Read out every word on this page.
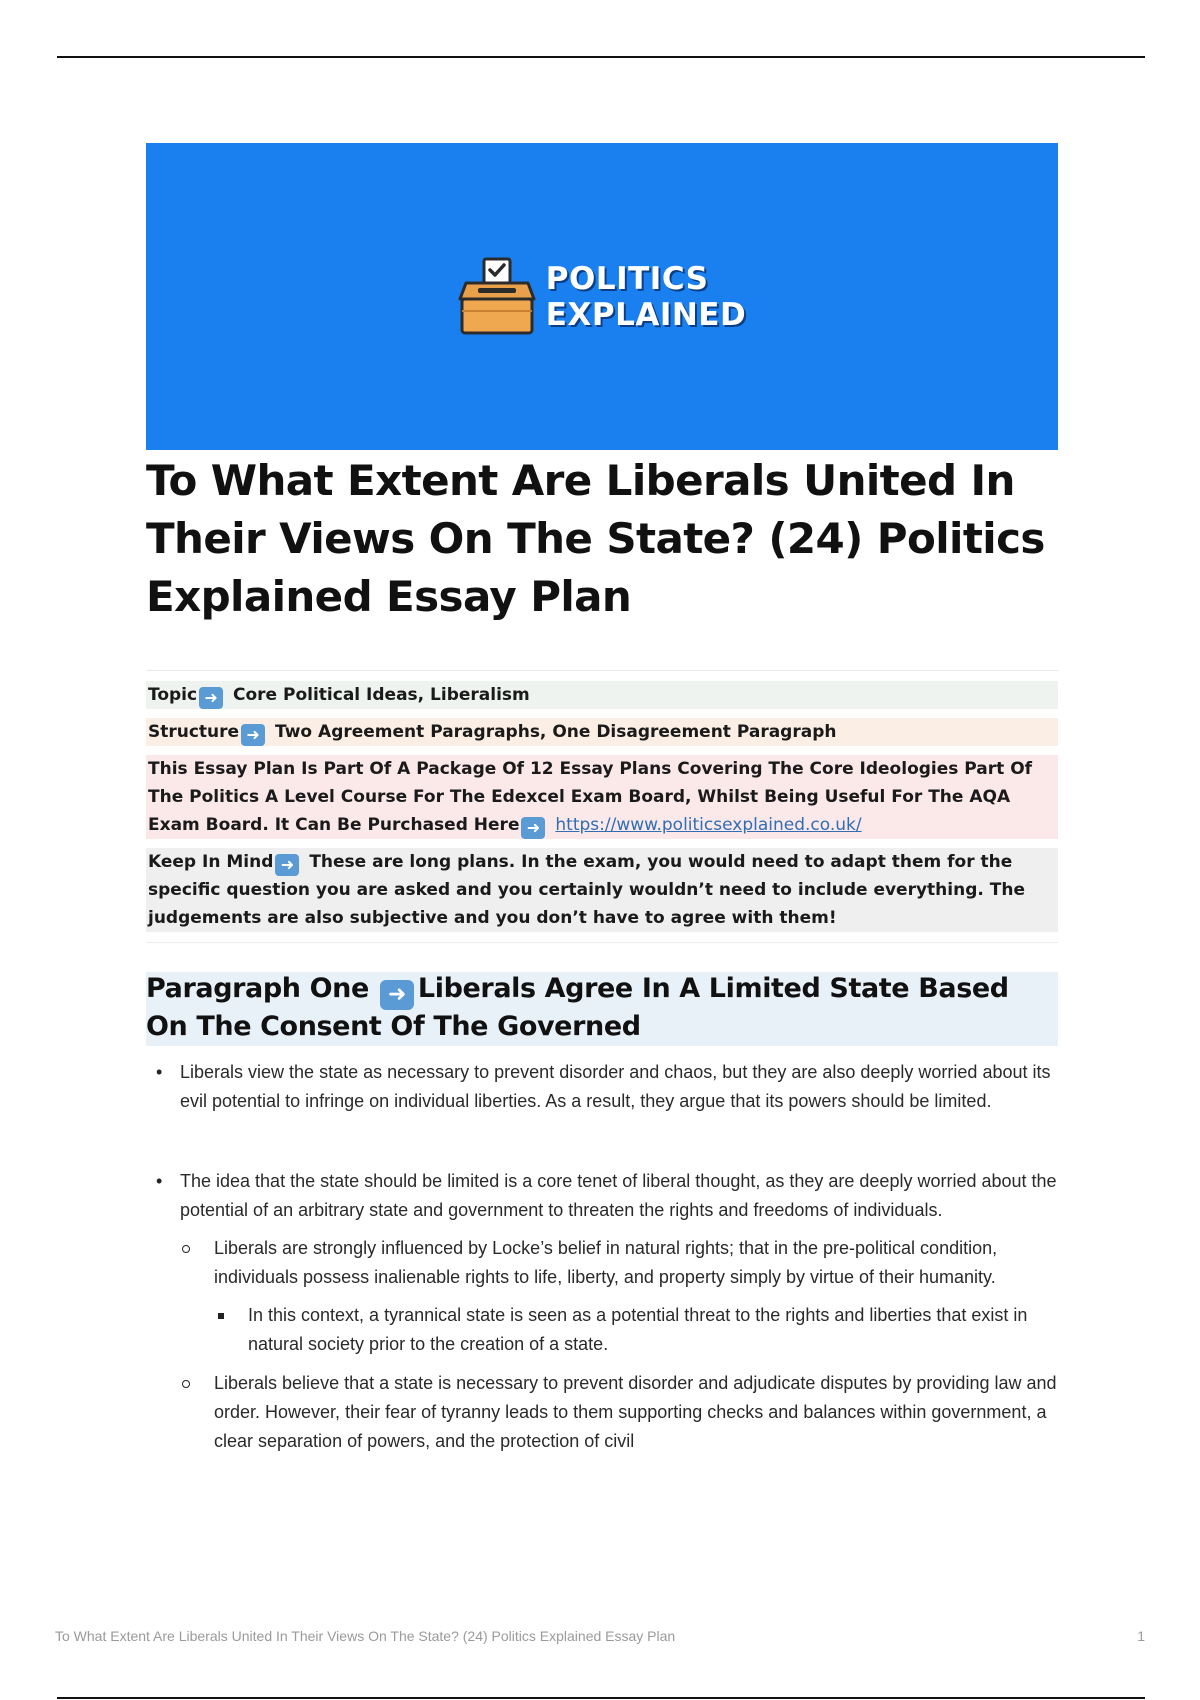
POLITICS
EXPLAINED
To What Extent Are Liberals United In Their Views On The State? (24) Politics Explained Essay Plan
Topic ➜ Core Political Ideas, Liberalism
Structure ➜ Two Agreement Paragraphs, One Disagreement Paragraph
This Essay Plan Is Part Of A Package Of 12 Essay Plans Covering The Core Ideologies Part Of The Politics A Level Course For The Edexcel Exam Board, Whilst Being Useful For The AQA Exam Board. It Can Be Purchased Here ➜ https://www.politicsexplained.co.uk/
Keep In Mind ➜ These are long plans. In the exam, you would need to adapt them for the specific question you are asked and you certainly wouldn’t need to include everything. The judgements are also subjective and you don’t have to agree with them!
Paragraph One ➜ Liberals Agree In A Limited State Based On The Consent Of The Governed
• Liberals view the state as necessary to prevent disorder and chaos, but they are also deeply worried about its evil potential to infringe on individual liberties. As a result, they argue that its powers should be limited.
• The idea that the state should be limited is a core tenet of liberal thought, as they are deeply worried about the potential of an arbitrary state and government to threaten the rights and freedoms of individuals.
Liberals are strongly influenced by Locke’s belief in natural rights; that in the pre-political condition, individuals possess inalienable rights to life, liberty, and property simply by virtue of their humanity.
In this context, a tyrannical state is seen as a potential threat to the rights and liberties that exist in natural society prior to the creation of a state.
Liberals believe that a state is necessary to prevent disorder and adjudicate disputes by providing law and order. However, their fear of tyranny leads to them supporting checks and balances within government, a clear separation of powers, and the protection of civil
To What Extent Are Liberals United In Their Views On The State? (24) Politics Explained Essay Plan	1
